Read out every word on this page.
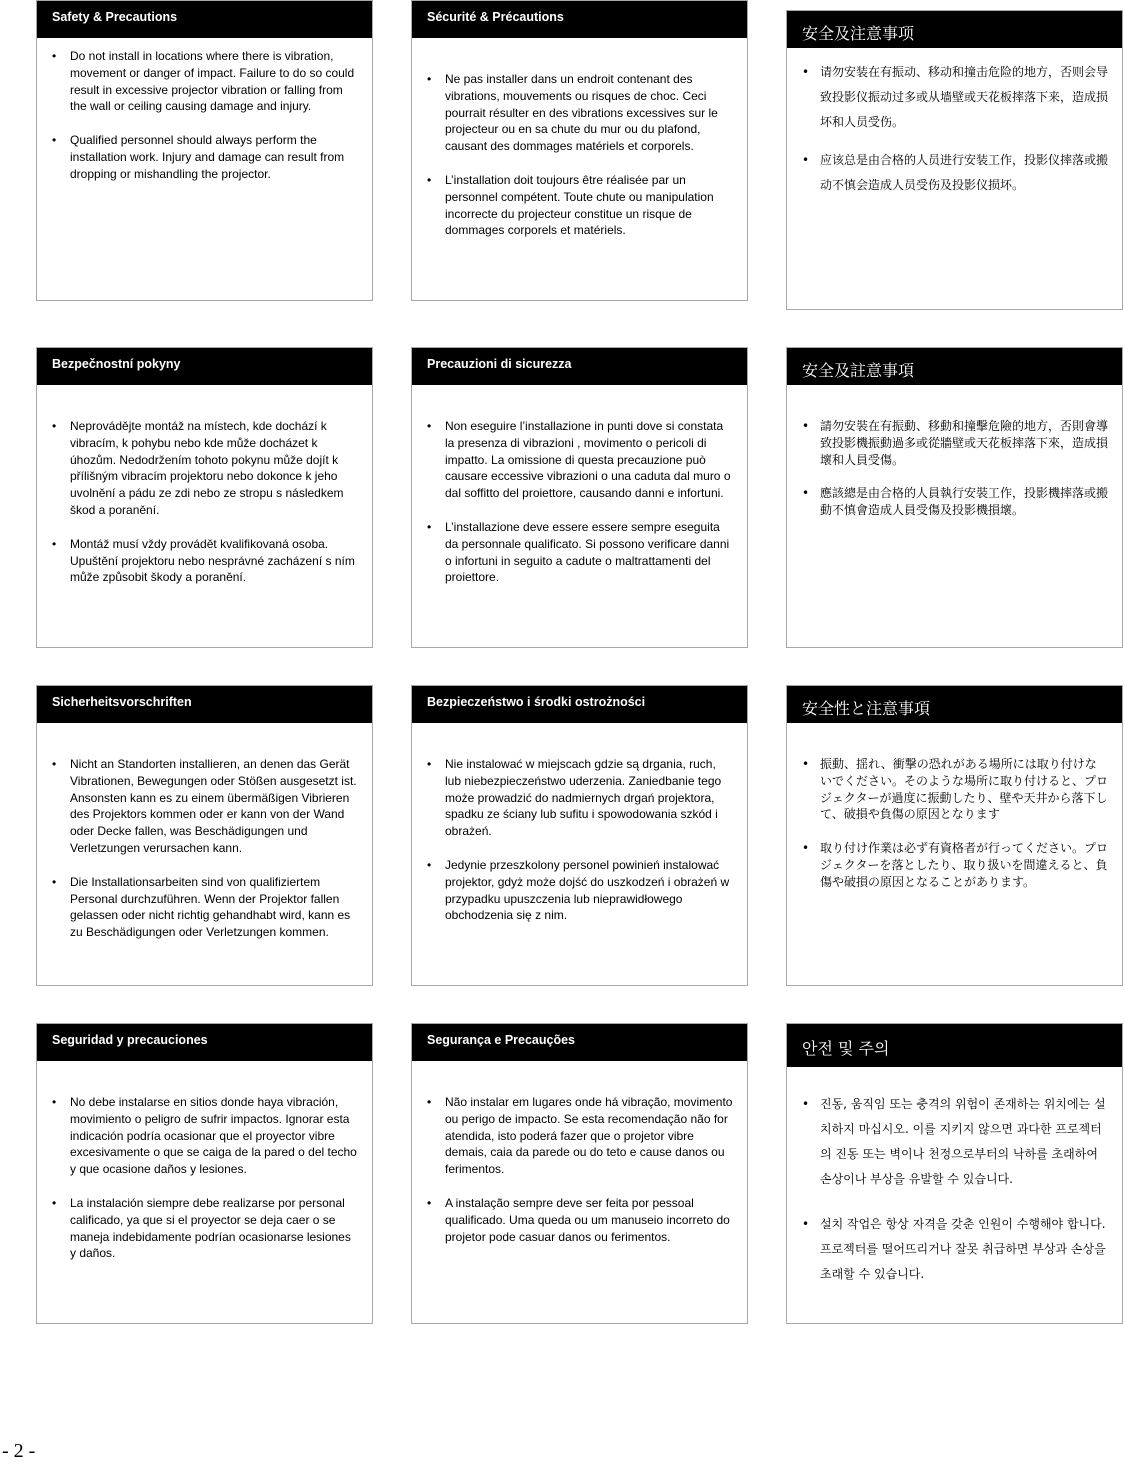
Safety & Precautions
• Do not install in locations where there is vibration, movement or danger of impact. Failure to do so could result in excessive projector vibration or falling from the wall or ceiling causing damage and injury.
• Qualified personnel should always perform the installation work. Injury and damage can result from dropping or mishandling the projector.
Sécurité & Précautions
• Ne pas installer dans un endroit contenant des vibrations, mouvements ou risques de choc. Ceci pourrait résulter en des vibrations excessives sur le projecteur ou en sa chute du mur ou du plafond, causant des dommages matériels et corporels.
• L’installation doit toujours être réalisée par un personnel compétent. Toute chute ou manipulation incorrecte du projecteur constitue un risque de dommages corporels et matériels.
安全及注意事项
• 请勿安装在有振动、移动和撞击危险的地方，否则会导致投影仪振动过多或从墙壁或天花板摔落下来，造成损坏和人员受伤。
• 应该总是由合格的人员进行安装工作，投影仪摔落或搬动不慎会造成人员受伤及投影仪损坏。
Bezpečnostní pokyny
• Neprovádějte montáž na místech, kde dochází k vibracím, k pohybu nebo kde může docházet k úhozům. Nedodržením tohoto pokynu může dojít k přílišným vibracím projektoru nebo dokonce k jeho uvolnění a pádu ze zdi nebo ze stropu s následkem škod a poranění.
• Montáž musí vždy provádět kvalifikovaná osoba. Upuštění projektoru nebo nesprávné zacházení s ním může způsobit škody a poranění.
Precauzioni di sicurezza
• Non eseguire l’installazione in punti dove si constata la presenza di vibrazioni , movimento o pericoli di impatto. La omissione di questa precauzione può causare eccessive vibrazioni o una caduta dal muro o dal soffitto del proiettore, causando danni e infortuni.
• L’installazione deve essere essere sempre eseguita da personnale qualificato. Si possono verificare danni o infortuni in seguito a cadute o maltrattamenti del proiettore.
安全及註意事項
• 請勿安裝在有振動、移動和撞擊危險的地方，否則會導致投影機振動過多或從牆壁或天花板摔落下來，造成損壞和人員受傷。
• 應該總是由合格的人員執行安裝工作，投影機摔落或搬動不慎會造成人員受傷及投影機損壞。
Sicherheitsvorschriften
• Nicht an Standorten installieren, an denen das Gerät Vibrationen, Bewegungen oder Stößen ausgesetzt ist. Ansonsten kann es zu einem übermäßigen Vibrieren des Projektors kommen oder er kann von der Wand oder Decke fallen, was Beschädigungen und Verletzungen verursachen kann.
• Die Installationsarbeiten sind von qualifiziertem Personal durchzuführen. Wenn der Projektor fallen gelassen oder nicht richtig gehandhabt wird, kann es zu Beschädigungen oder Verletzungen kommen.
Bezpieczeństwo i środki ostrożności
• Nie instalować w miejscach gdzie są drgania, ruch, lub niebezpieczeństwo uderzenia. Zaniedbanie tego może prowadzić do nadmiernych drgań projektora, spadku ze ściany lub sufitu i spowodowania szkód i obrażeń.
• Jedynie przeszkolony personel powinień instalować projektor, gdyż może dojść do uszkodzeń i obrażeń w przypadku upuszczenia lub nieprawidłowego obchodzenia się z nim.
安全性と注意事項
• 振動、揺れ、衝撃の恐れがある場所には取り付けないでください。そのような場所に取り付けると、プロジェクターが過度に振動したり、壁や天井から落下して、破損や負傷の原因となります
• 取り付け作業は必ず有資格者が行ってください。プロジェクターを落としたり、取り扱いを間違えると、負傷や破損の原因となることがあります。
Seguridad y precauciones
• No debe instalarse en sitios donde haya vibración, movimiento o peligro de sufrir impactos. Ignorar esta indicación podría ocasionar que el proyector vibre excesivamente o que se caiga de la pared o del techo y que ocasione daños y lesiones.
• La instalación siempre debe realizarse por personal calificado, ya que si el proyector se deja caer o se maneja indebidamente podrían ocasionarse lesiones y daños.
Segurança e Precauções
• Não instalar em lugares onde há vibração, movimento ou perigo de impacto. Se esta recomendação não for atendida, isto poderá fazer que o projetor vibre demais, caia da parede ou do teto e cause danos ou ferimentos.
• A instalação sempre deve ser feita por pessoal qualificado. Uma queda ou um manuseio incorreto do projetor pode casuar danos ou ferimentos.
안전 및 주의
• 진동, 움직임 또는 충격의 위험이 존재하는 위치에는 설치하지 마십시오. 이를 지키지 않으면 과다한 프로젝터의 진동 또는 벽이나 천정으로부터의 낙하를 초래하여 손상이나 부상을 유발할 수 있습니다.
• 설치 작업은 항상 자격을 갖춘 인원이 수행해야 합니다. 프로젝터를 떨어뜨리거나 잘못 취급하면 부상과 손상을 초래할 수 있습니다.
- 2 -
